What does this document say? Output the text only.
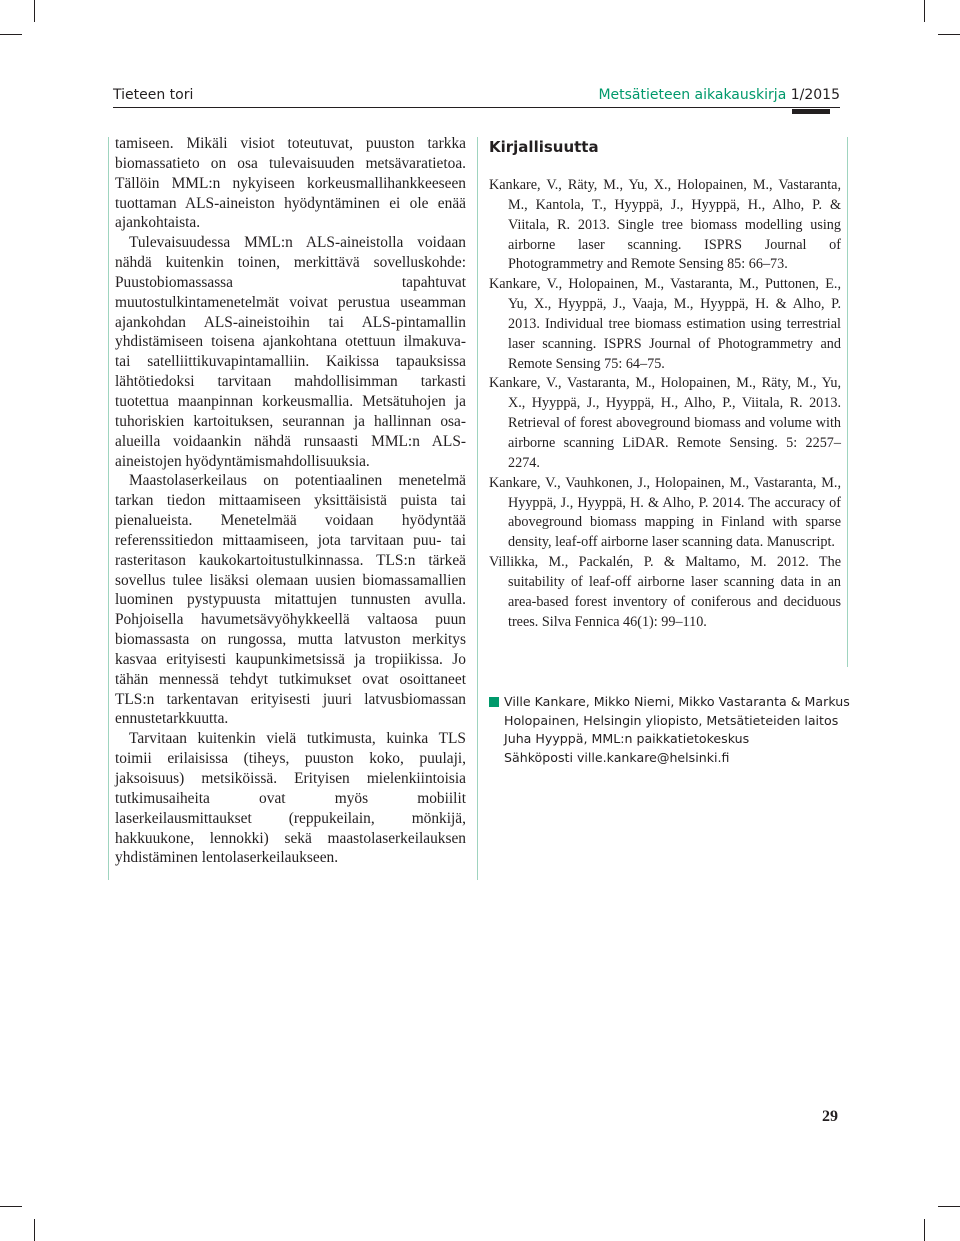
Tieteen tori	Metsätieteen aikakauskirja 1/2015

tamiseen. Mikäli visiot toteutuvat, puuston tarkka biomassatieto on osa tulevaisuuden metsävaratietoa. Tällöin MML:n nykyiseen korkeusmallihankkeeseen tuottaman ALS-aineiston hyödyntäminen ei ole enää ajankohtaista.

Tulevaisuudessa MML:n ALS-aineistolla voidaan nähdä kuitenkin toinen, merkittävä sovelluskohde: Puustobiomassassa tapahtuvat muutostulkintamenetelmät voivat perustua useamman ajankohdan ALS-aineistoihin tai ALS-pintamallin yhdistämiseen toisena ajankohtana otettuun ilmakuva- tai satelliittikuvapintamalliin. Kaikissa tapauksissa lähtötiedoksi tarvitaan mahdollisimman tarkasti tuotettua maanpinnan korkeusmallia. Metsätuhojen ja tuhoriskien kartoituksen, seurannan ja hallinnan osa-alueilla voidaankin nähdä runsaasti MML:n ALS-aineistojen hyödyntämismahdollisuuksia.

Maastolaserkeilaus on potentiaalinen menetelmä tarkan tiedon mittaamiseen yksittäisistä puista tai pienalueista. Menetelmää voidaan hyödyntää referenssitiedon mittaamiseen, jota tarvitaan puu- tai rasteritason kaukokartoitustulkinnassa. TLS:n tärkeä sovellus tulee lisäksi olemaan uusien biomassamallien luominen pystypuusta mitattujen tunnusten avulla. Pohjoisella havumetsävyöhykkeellä valtaosa puun biomassasta on rungossa, mutta latvuston merkitys kasvaa erityisesti kaupunkimetsissä ja tropiikissa. Jo tähän mennessä tehdyt tutkimukset ovat osoittaneet TLS:n tarkentavan erityisesti juuri latvusbiomassan ennustetarkkuutta.

Tarvitaan kuitenkin vielä tutkimusta, kuinka TLS toimii erilaisissa (tiheys, puuston koko, puulaji, jaksoisuus) metsiköissä. Erityisen mielenkiintoisia tutkimusaiheita ovat myös mobiilit laserkeilausmittaukset (reppukeilain, mönkijä, hakkuukone, lennokki) sekä maastolaserkeilauksen yhdistäminen lentolaserkeilaukseen.

Kirjallisuutta

Kankare, V., Räty, M., Yu, X., Holopainen, M., Vastaranta, M., Kantola, T., Hyyppä, J., Hyyppä, H., Alho, P. & Viitala, R. 2013. Single tree biomass modelling using airborne laser scanning. ISPRS Journal of Photogrammetry and Remote Sensing 85: 66–73.

Kankare, V., Holopainen, M., Vastaranta, M., Puttonen, E., Yu, X., Hyyppä, J., Vaaja, M., Hyyppä, H. & Alho, P. 2013. Individual tree biomass estimation using terrestrial laser scanning. ISPRS Journal of Photogrammetry and Remote Sensing 75: 64–75.

Kankare, V., Vastaranta, M., Holopainen, M., Räty, M., Yu, X., Hyyppä, J., Hyyppä, H., Alho, P., Viitala, R. 2013. Retrieval of forest aboveground biomass and volume with airborne scanning LiDAR. Remote Sensing. 5: 2257–2274.

Kankare, V., Vauhkonen, J., Holopainen, M., Vastaranta, M., Hyyppä, J., Hyyppä, H. & Alho, P. 2014. The accuracy of aboveground biomass mapping in Finland with sparse density, leaf-off airborne laser scanning data. Manuscript.

Villikka, M., Packalén, P. & Maltamo, M. 2012. The suitability of leaf-off airborne laser scanning data in an area-based forest inventory of coniferous and deciduous trees. Silva Fennica 46(1): 99–110.

Ville Kankare, Mikko Niemi, Mikko Vastaranta & Markus
Holopainen, Helsingin yliopisto, Metsätieteiden laitos
Juha Hyyppä, MML:n paikkatietokeskus
Sähköposti ville.kankare@helsinki.fi
29
